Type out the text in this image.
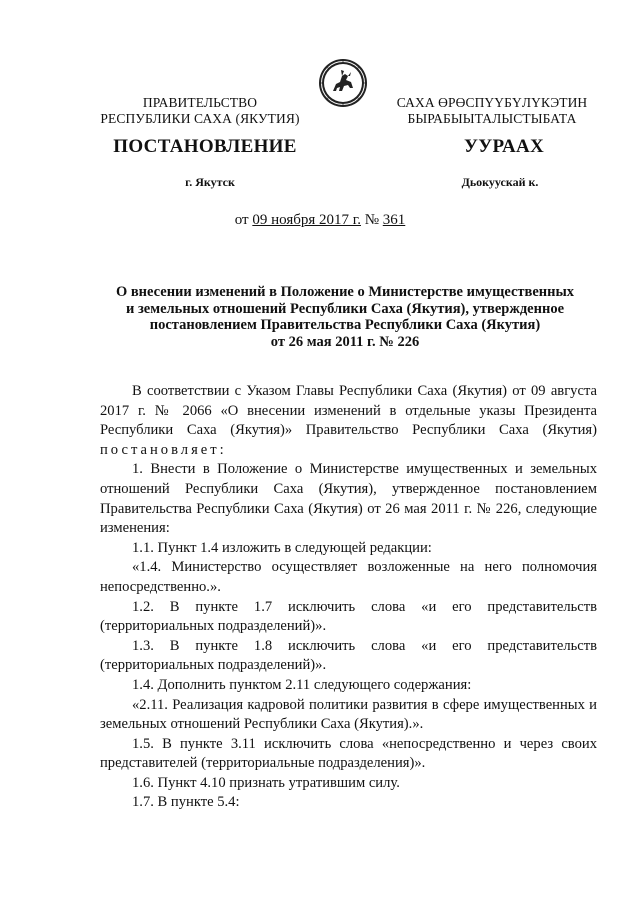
ПРАВИТЕЛЬСТВО
РЕСПУБЛИКИ САХА (ЯКУТИЯ)
САХА ӨРӨСПҮҮБҮЛҮКЭТИН
БЫРАБЫЫТАЛЫСТЫБАТА
ПОСТАНОВЛЕНИЕ	УУРААХ
г. Якутск	Дьокуускай к.
от 09 ноября 2017 г. № 361
О внесении изменений в Положение о Министерстве имущественных
и земельных отношений Республики Саха (Якутия), утвержденное
постановлением Правительства Республики Саха (Якутия)
от 26 мая 2011 г. № 226

В соответствии с Указом Главы Республики Саха (Якутия) от 09 августа 2017 г. № 2066 «О внесении изменений в отдельные указы Президента Республики Саха (Якутия)» Правительство Республики Саха (Якутия) постановляет:

1. Внести в Положение о Министерстве имущественных и земельных отношений Республики Саха (Якутия), утвержденное постановлением Правительства Республики Саха (Якутия) от 26 мая 2011 г. № 226, следующие изменения:

1.1. Пункт 1.4 изложить в следующей редакции:

«1.4. Министерство осуществляет возложенные на него полномочия непосредственно.».

1.2. В пункте 1.7 исключить слова «и его представительств (территориальных подразделений)».

1.3. В пункте 1.8 исключить слова «и его представительств (территориальных подразделений)».

1.4. Дополнить пунктом 2.11 следующего содержания:

«2.11. Реализация кадровой политики развития в сфере имущественных и земельных отношений Республики Саха (Якутия).».

1.5. В пункте 3.11 исключить слова «непосредственно и через своих представителей (территориальные подразделения)».

1.6. Пункт 4.10 признать утратившим силу.

1.7. В пункте 5.4:
